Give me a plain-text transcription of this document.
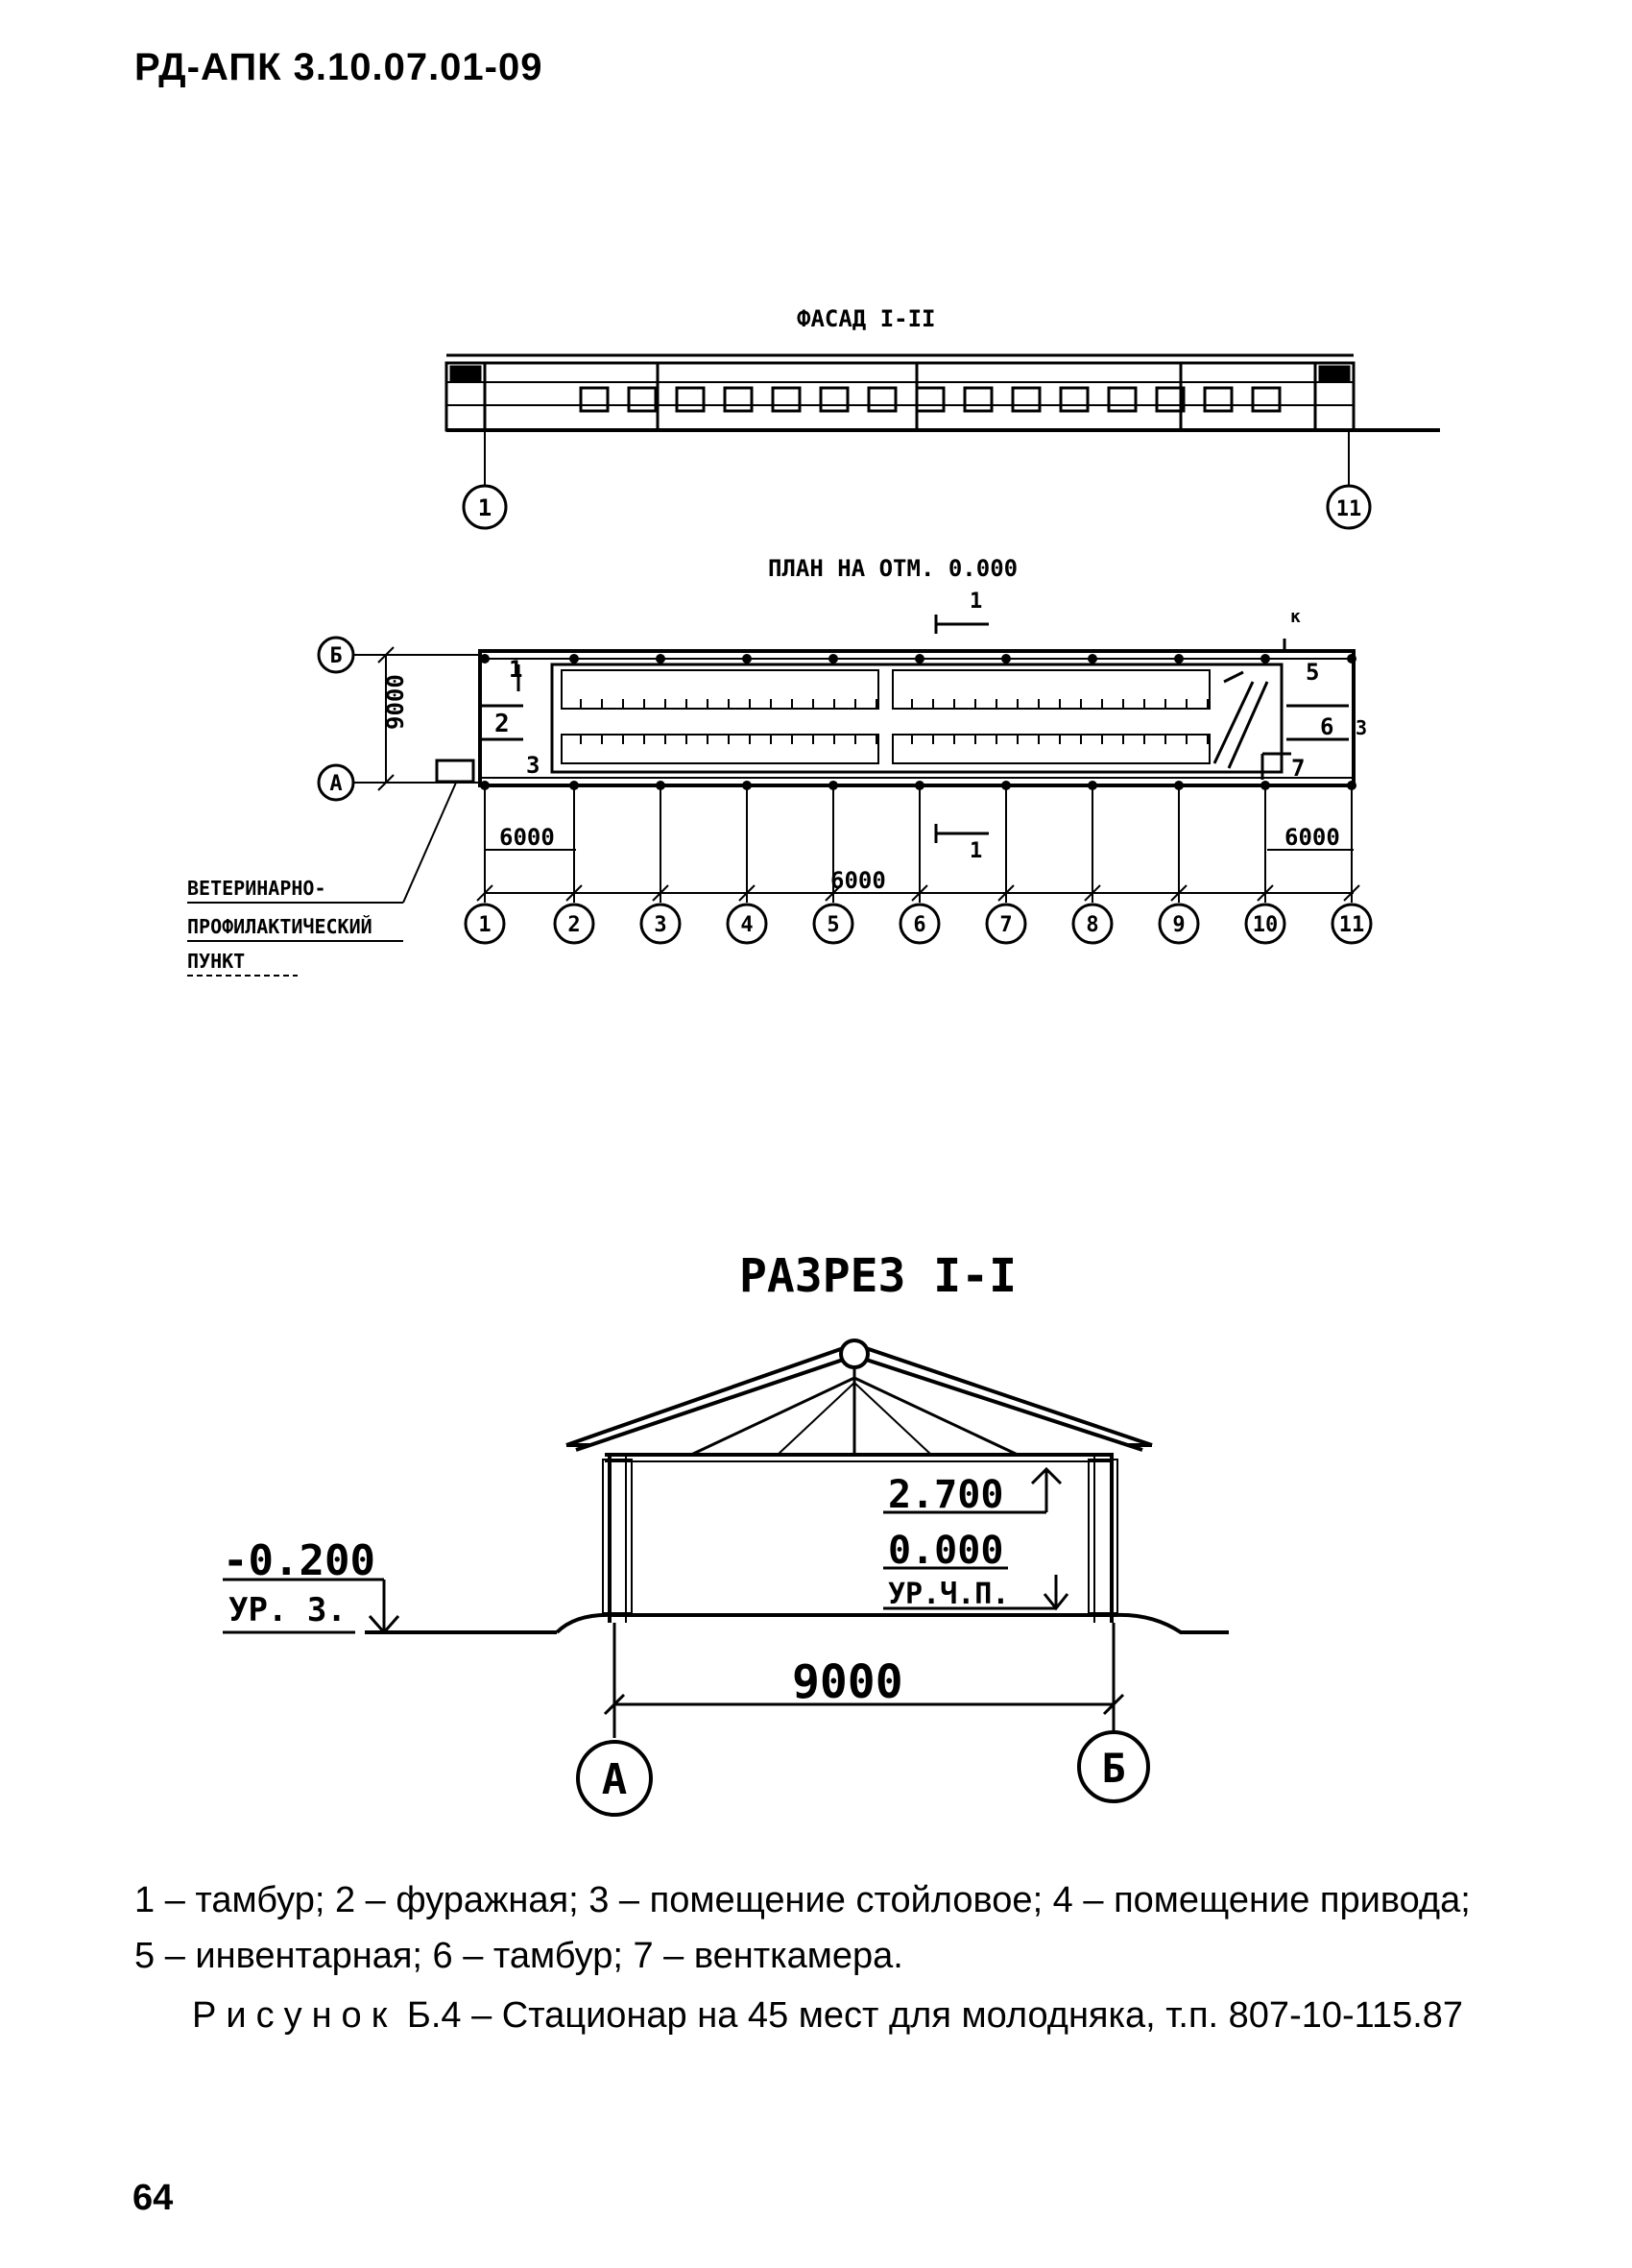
РД-АПК 3.10.07.01-09
ФАСАД I-II
1	11
ПЛАН НА ОТМ. 0.000
1	2	3	4	5	6	7	8	9	10	11
Б
А
9000
1
2
3
5
6 3
7
к
1
1
6000
6000
6000
ВЕТЕРИНАРНО-
ПРОФИЛАКТИЧЕСКИЙ
ПУНКТ
РАЗРЕЗ I-I
2.700
0.000
УР.Ч.П.
-0.200
УР. З.
9000
А	Б

1 – тамбур; 2 – фуражная; 3 – помещение стойловое; 4 – помещение привода; 5 – инвентарная; 6 – тамбур; 7 – венткамера.

Рисунок Б.4 – Стационар на 45 мест для молодняка, т.п. 807-10-115.87
64
